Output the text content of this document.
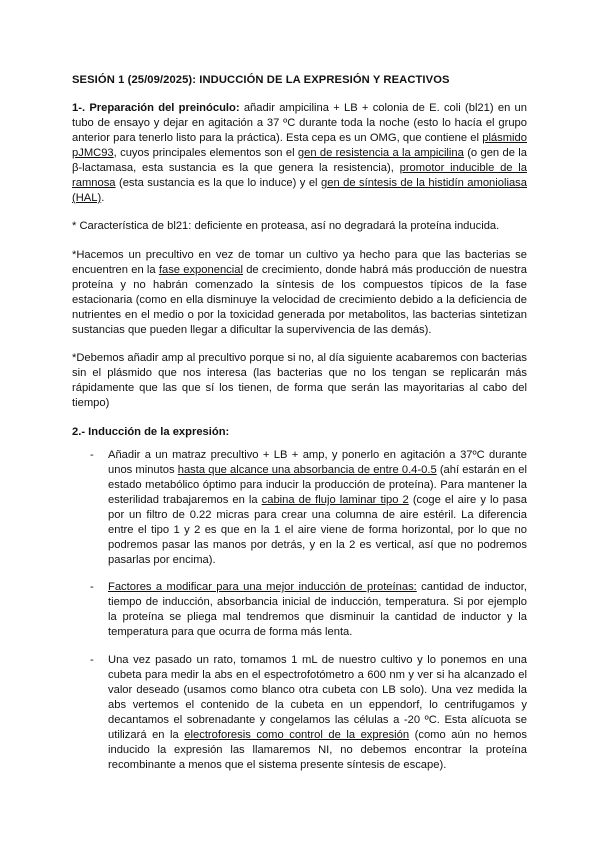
SESIÓN 1 (25/09/2025): INDUCCIÓN DE LA EXPRESIÓN Y REACTIVOS
1-. Preparación del preinóculo: añadir ampicilina + LB + colonia de E. coli (bl21) en un tubo de ensayo y dejar en agitación a 37 ºC durante toda la noche (esto lo hacía el grupo anterior para tenerlo listo para la práctica). Esta cepa es un OMG, que contiene el plásmido pJMC93, cuyos principales elementos son el gen de resistencia a la ampicilina (o gen de la β-lactamasa, esta sustancia es la que genera la resistencia), promotor inducible de la ramnosa (esta sustancia es la que lo induce) y el gen de síntesis de la histidín amonioliasa (HAL).
* Característica de bl21: deficiente en proteasa, así no degradará la proteína inducida.
*Hacemos un precultivo en vez de tomar un cultivo ya hecho para que las bacterias se encuentren en la fase exponencial de crecimiento, donde habrá más producción de nuestra proteína y no habrán comenzado la síntesis de los compuestos típicos de la fase estacionaria (como en ella disminuye la velocidad de crecimiento debido a la deficiencia de nutrientes en el medio o por la toxicidad generada por metabolitos, las bacterias sintetizan sustancias que pueden llegar a dificultar la supervivencia de las demás).
*Debemos añadir amp al precultivo porque si no, al día siguiente acabaremos con bacterias sin el plásmido que nos interesa (las bacterias que no los tengan se replicarán más rápidamente que las que sí los tienen, de forma que serán las mayoritarias al cabo del tiempo)
2.- Inducción de la expresión:
- Añadir a un matraz precultivo + LB + amp, y ponerlo en agitación a 37ºC durante unos minutos hasta que alcance una absorbancia de entre 0.4-0.5 (ahí estarán en el estado metabólico óptimo para inducir la producción de proteína). Para mantener la esterilidad trabajaremos en la cabina de flujo laminar tipo 2 (coge el aire y lo pasa por un filtro de 0.22 micras para crear una columna de aire estéril. La diferencia entre el tipo 1 y 2 es que en la 1 el aire viene de forma horizontal, por lo que no podremos pasar las manos por detrás, y en la 2 es vertical, así que no podremos pasarlas por encima).
- Factores a modificar para una mejor inducción de proteínas: cantidad de inductor, tiempo de inducción, absorbancia inicial de inducción, temperatura. Si por ejemplo la proteína se pliega mal tendremos que disminuir la cantidad de inductor y la temperatura para que ocurra de forma más lenta.
- Una vez pasado un rato, tomamos 1 mL de nuestro cultivo y lo ponemos en una cubeta para medir la abs en el espectrofotómetro a 600 nm y ver si ha alcanzado el valor deseado (usamos como blanco otra cubeta con LB solo). Una vez medida la abs vertemos el contenido de la cubeta en un eppendorf, lo centrifugamos y decantamos el sobrenadante y congelamos las células a -20 ºC. Esta alícuota se utilizará en la electroforesis como control de la expresión (como aún no hemos inducido la expresión las llamaremos NI, no debemos encontrar la proteína recombinante a menos que el sistema presente síntesis de escape).
